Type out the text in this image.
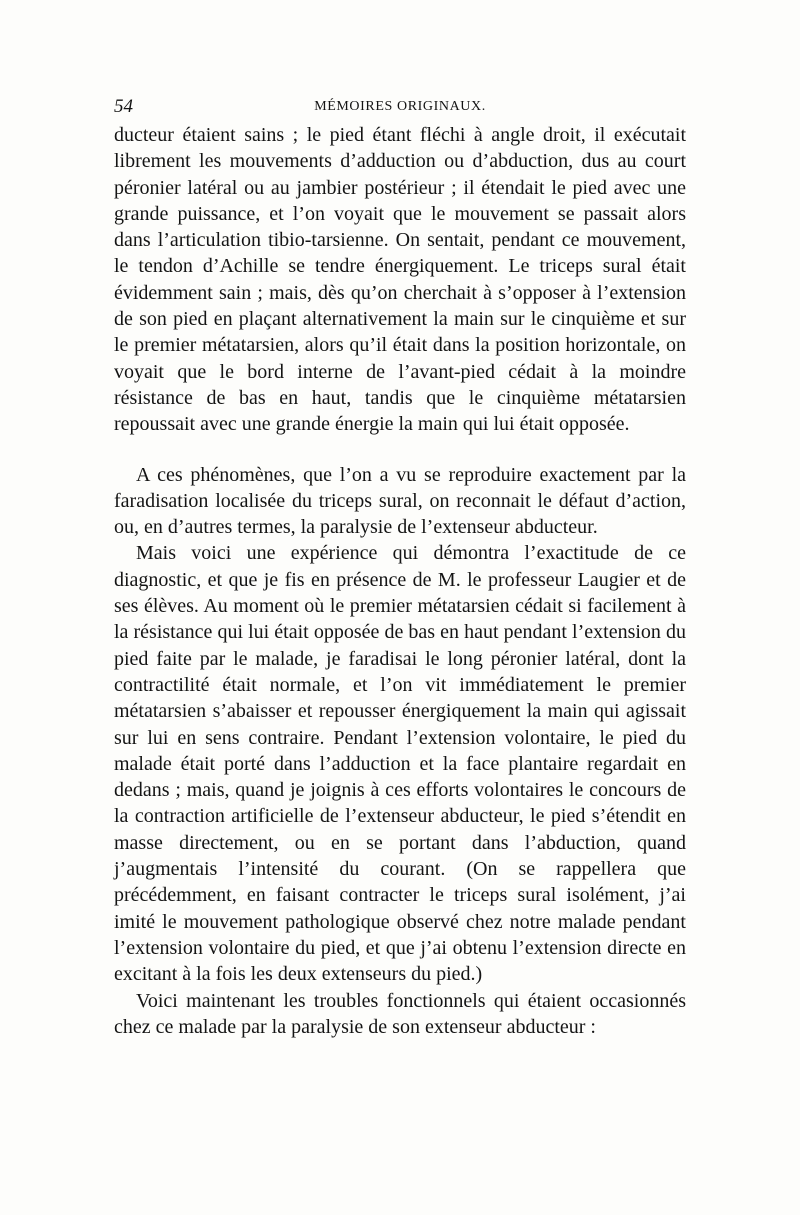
54	MÉMOIRES ORIGINAUX.

ducteur étaient sains ; le pied étant fléchi à angle droit, il exécutait librement les mouvements d’adduction ou d’abduction, dus au court péronier latéral ou au jambier postérieur ; il étendait le pied avec une grande puissance, et l’on voyait que le mouvement se passait alors dans l’articulation tibio-tarsienne. On sentait, pendant ce mouvement, le tendon d’Achille se tendre énergiquement. Le triceps sural était évidemment sain ; mais, dès qu’on cherchait à s’opposer à l’extension de son pied en plaçant alternativement la main sur le cinquième et sur le premier métatarsien, alors qu’il était dans la position horizontale, on voyait que le bord interne de l’avant-pied cédait à la moindre résistance de bas en haut, tandis que le cinquième métatarsien repoussait avec une grande énergie la main qui lui était opposée.

A ces phénomènes, que l’on a vu se reproduire exactement par la faradisation localisée du triceps sural, on reconnait le défaut d’action, ou, en d’autres termes, la paralysie de l’extenseur abducteur.

Mais voici une expérience qui démontra l’exactitude de ce diagnostic, et que je fis en présence de M. le professeur Laugier et de ses élèves. Au moment où le premier métatarsien cédait si facilement à la résistance qui lui était opposée de bas en haut pendant l’extension du pied faite par le malade, je faradisai le long péronier latéral, dont la contractilité était normale, et l’on vit immédiatement le premier métatarsien s’abaisser et repousser énergiquement la main qui agissait sur lui en sens contraire. Pendant l’extension volontaire, le pied du malade était porté dans l’adduction et la face plantaire regardait en dedans ; mais, quand je joignis à ces efforts volontaires le concours de la contraction artificielle de l’extenseur abducteur, le pied s’étendit en masse directement, ou en se portant dans l’abduction, quand j’augmentais l’intensité du courant. (On se rappellera que précédemment, en faisant contracter le triceps sural isolément, j’ai imité le mouvement pathologique observé chez notre malade pendant l’extension volontaire du pied, et que j’ai obtenu l’extension directe en excitant à la fois les deux extenseurs du pied.)

Voici maintenant les troubles fonctionnels qui étaient occasionnés chez ce malade par la paralysie de son extenseur abducteur :
